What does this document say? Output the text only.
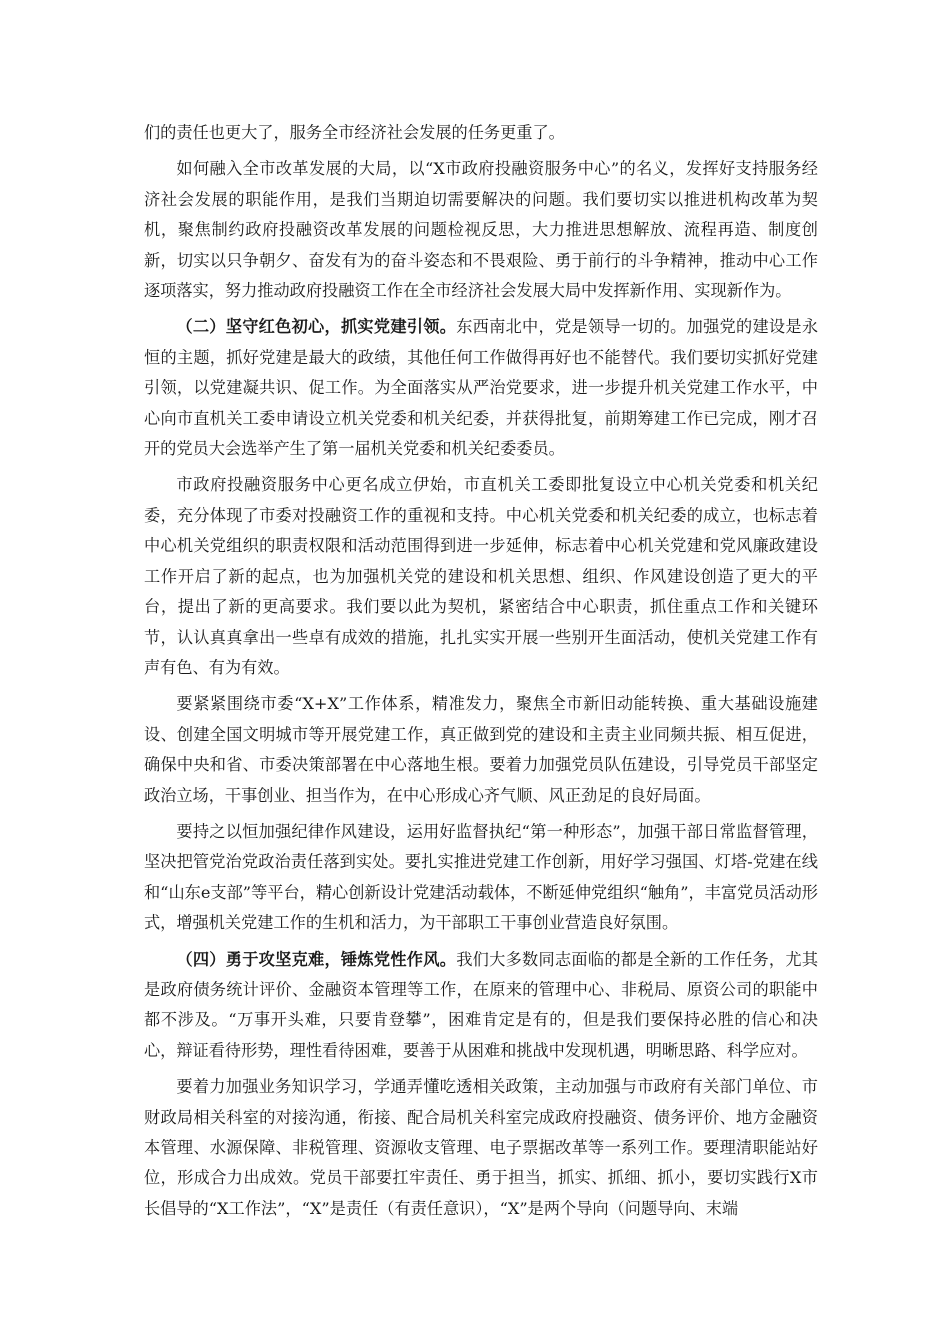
们的责任也更大了，服务全市经济社会发展的任务更重了。

如何融入全市改革发展的大局，以“X市政府投融资服务中心”的名义，发挥好支持服务经济社会发展的职能作用，是我们当期迫切需要解决的问题。我们要切实以推进机构改革为契机，聚焦制约政府投融资改革发展的问题检视反思，大力推进思想解放、流程再造、制度创新，切实以只争朝夕、奋发有为的奋斗姿态和不畏艰险、勇于前行的斗争精神，推动中心工作逐项落实，努力推动政府投融资工作在全市经济社会发展大局中发挥新作用、实现新作为。

（二）坚守红色初心，抓实党建引领。东西南北中，党是领导一切的。加强党的建设是永恒的主题，抓好党建是最大的政绩，其他任何工作做得再好也不能替代。我们要切实抓好党建引领，以党建凝共识、促工作。为全面落实从严治党要求，进一步提升机关党建工作水平，中心向市直机关工委申请设立机关党委和机关纪委，并获得批复，前期筹建工作已完成，刚才召开的党员大会选举产生了第一届机关党委和机关纪委委员。

市政府投融资服务中心更名成立伊始，市直机关工委即批复设立中心机关党委和机关纪委，充分体现了市委对投融资工作的重视和支持。中心机关党委和机关纪委的成立，也标志着中心机关党组织的职责权限和活动范围得到进一步延伸，标志着中心机关党建和党风廉政建设工作开启了新的起点，也为加强机关党的建设和机关思想、组织、作风建设创造了更大的平台，提出了新的更高要求。我们要以此为契机，紧密结合中心职责，抓住重点工作和关键环节，认认真真拿出一些卓有成效的措施，扎扎实实开展一些别开生面活动，使机关党建工作有声有色、有为有效。

要紧紧围绕市委“X+X”工作体系，精准发力，聚焦全市新旧动能转换、重大基础设施建设、创建全国文明城市等开展党建工作，真正做到党的建设和主责主业同频共振、相互促进，确保中央和省、市委决策部署在中心落地生根。要着力加强党员队伍建设，引导党员干部坚定政治立场，干事创业、担当作为，在中心形成心齐气顺、风正劲足的良好局面。

要持之以恒加强纪律作风建设，运用好监督执纪“第一种形态”，加强干部日常监督管理，坚决把管党治党政治责任落到实处。要扎实推进党建工作创新，用好学习强国、灯塔-党建在线和“山东e支部”等平台，精心创新设计党建活动载体，不断延伸党组织“触角”，丰富党员活动形式，增强机关党建工作的生机和活力，为干部职工干事创业营造良好氛围。

（四）勇于攻坚克难，锤炼党性作风。我们大多数同志面临的都是全新的工作任务，尤其是政府债务统计评价、金融资本管理等工作，在原来的管理中心、非税局、原资公司的职能中都不涉及。“万事开头难，只要肯登攀”，困难肯定是有的，但是我们要保持必胜的信心和决心，辩证看待形势，理性看待困难，要善于从困难和挑战中发现机遇，明晰思路、科学应对。

要着力加强业务知识学习，学通弄懂吃透相关政策，主动加强与市政府有关部门单位、市财政局相关科室的对接沟通，衔接、配合局机关科室完成政府投融资、债务评价、地方金融资本管理、水源保障、非税管理、资源收支管理、电子票据改革等一系列工作。要理清职能站好位，形成合力出成效。党员干部要扛牢责任、勇于担当，抓实、抓细、抓小，要切实践行X市长倡导的“X工作法”，“X”是责任（有责任意识），“X”是两个导向（问题导向、末端
